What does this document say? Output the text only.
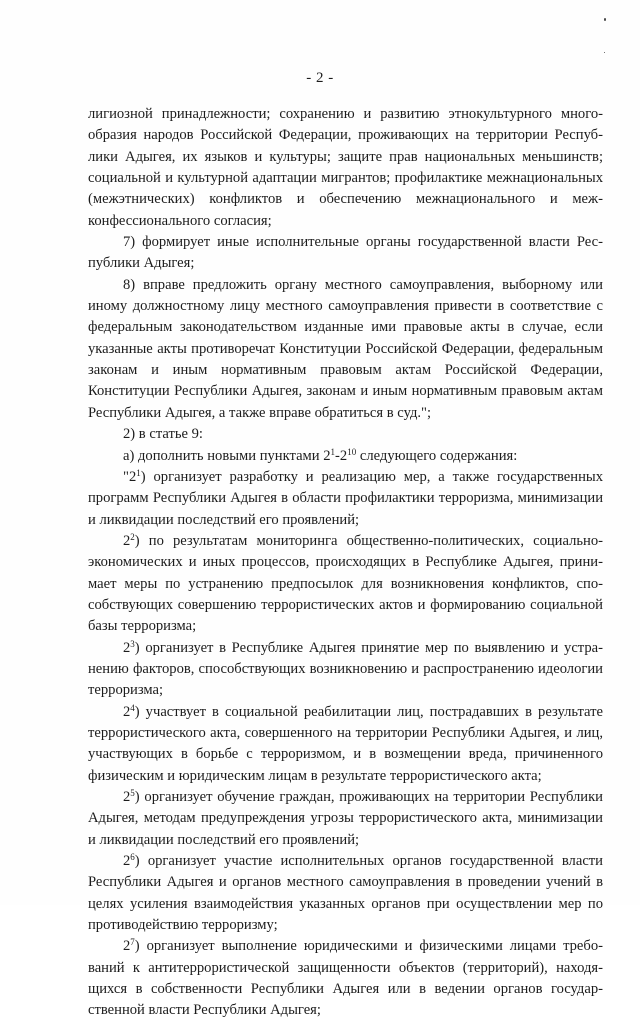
- 2 -

лигиозной принадлежности; сохранению и развитию этнокультурного многообразия народов Российской Федерации, проживающих на территории Республики Адыгея, их языков и культуры; защите прав национальных меньшинств; социальной и культурной адаптации мигрантов; профилактике межнациональных (межэтнических) конфликтов и обеспечению межнационального и межконфессионального согласия;

7) формирует иные исполнительные органы государственной власти Республики Адыгея;

8) вправе предложить органу местного самоуправления, выборному или иному должностному лицу местного самоуправления привести в соответствие с федеральным законодательством изданные ими правовые акты в случае, если указанные акты противоречат Конституции Российской Федерации, федеральным законам и иным нормативным правовым актам Российской Федерации, Конституции Республики Адыгея, законам и иным нормативным правовым актам Республики Адыгея, а также вправе обратиться в суд.";

2) в статье 9:

а) дополнить новыми пунктами $2^1-2^{10}$ следующего содержания:

"$2^1$) организует разработку и реализацию мер, а также государственных программ Республики Адыгея в области профилактики терроризма, минимизации и ликвидации последствий его проявлений;

$2^2$) по результатам мониторинга общественно-политических, социально-экономических и иных процессов, происходящих в Республике Адыгея, принимает меры по устранению предпосылок для возникновения конфликтов, способствующих совершению террористических актов и формированию социальной базы терроризма;

$2^3$) организует в Республике Адыгея принятие мер по выявлению и устранению факторов, способствующих возникновению и распространению идеологии терроризма;

$2^4$) участвует в социальной реабилитации лиц, пострадавших в результате террористического акта, совершенного на территории Республики Адыгея, и лиц, участвующих в борьбе с терроризмом, и в возмещении вреда, причиненного физическим и юридическим лицам в результате террористического акта;

$2^5$) организует обучение граждан, проживающих на территории Республики Адыгея, методам предупреждения угрозы террористического акта, минимизации и ликвидации последствий его проявлений;

$2^6$) организует участие исполнительных органов государственной власти Республики Адыгея и органов местного самоуправления в проведении учений в целях усиления взаимодействия указанных органов при осуществлении мер по противодействию терроризму;

$2^7$) организует выполнение юридическими и физическими лицами требований к антитеррористической защищенности объектов (территорий), находящихся в собственности Республики Адыгея или в ведении органов государственной власти Республики Адыгея;
